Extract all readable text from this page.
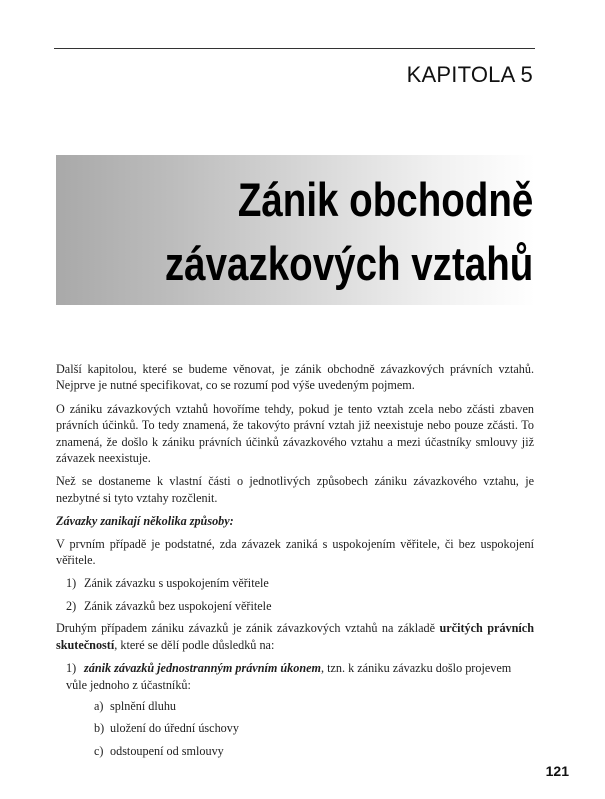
KAPITOLA 5
Zánik obchodně
závazkových vztahů

Další kapitolou, které se budeme věnovat, je zánik obchodně závazkových právních vztahů. Nejprve je nutné specifikovat, co se rozumí pod výše uvedeným pojmem.

O zániku závazkových vztahů hovoříme tehdy, pokud je tento vztah zcela nebo zčásti zbaven právních účinků. To tedy znamená, že takovýto právní vztah již neexistuje nebo pouze zčásti. To znamená, že došlo k zániku právních účinků závazkového vztahu a mezi účastníky smlouvy již závazek neexistuje.

Než se dostaneme k vlastní části o jednotlivých způsobech zániku závazkového vztahu, je nezbytné si tyto vztahy rozčlenit.

Závazky zanikají několika způsoby:

V prvním případě je podstatné, zda závazek zaniká s uspokojením věřitele, či bez uspokojení věřitele.

1) Zánik závazku s uspokojením věřitele
2) Zánik závazků bez uspokojení věřitele

Druhým případem zániku závazků je zánik závazkových vztahů na základě určitých právních skutečností, které se dělí podle důsledků na:

1) zánik závazků jednostranným právním úkonem, tzn. k zániku závazku došlo projevem vůle jednoho z účastníků:
a) splnění dluhu
b) uložení do úřední úschovy
c) odstoupení od smlouvy
121
